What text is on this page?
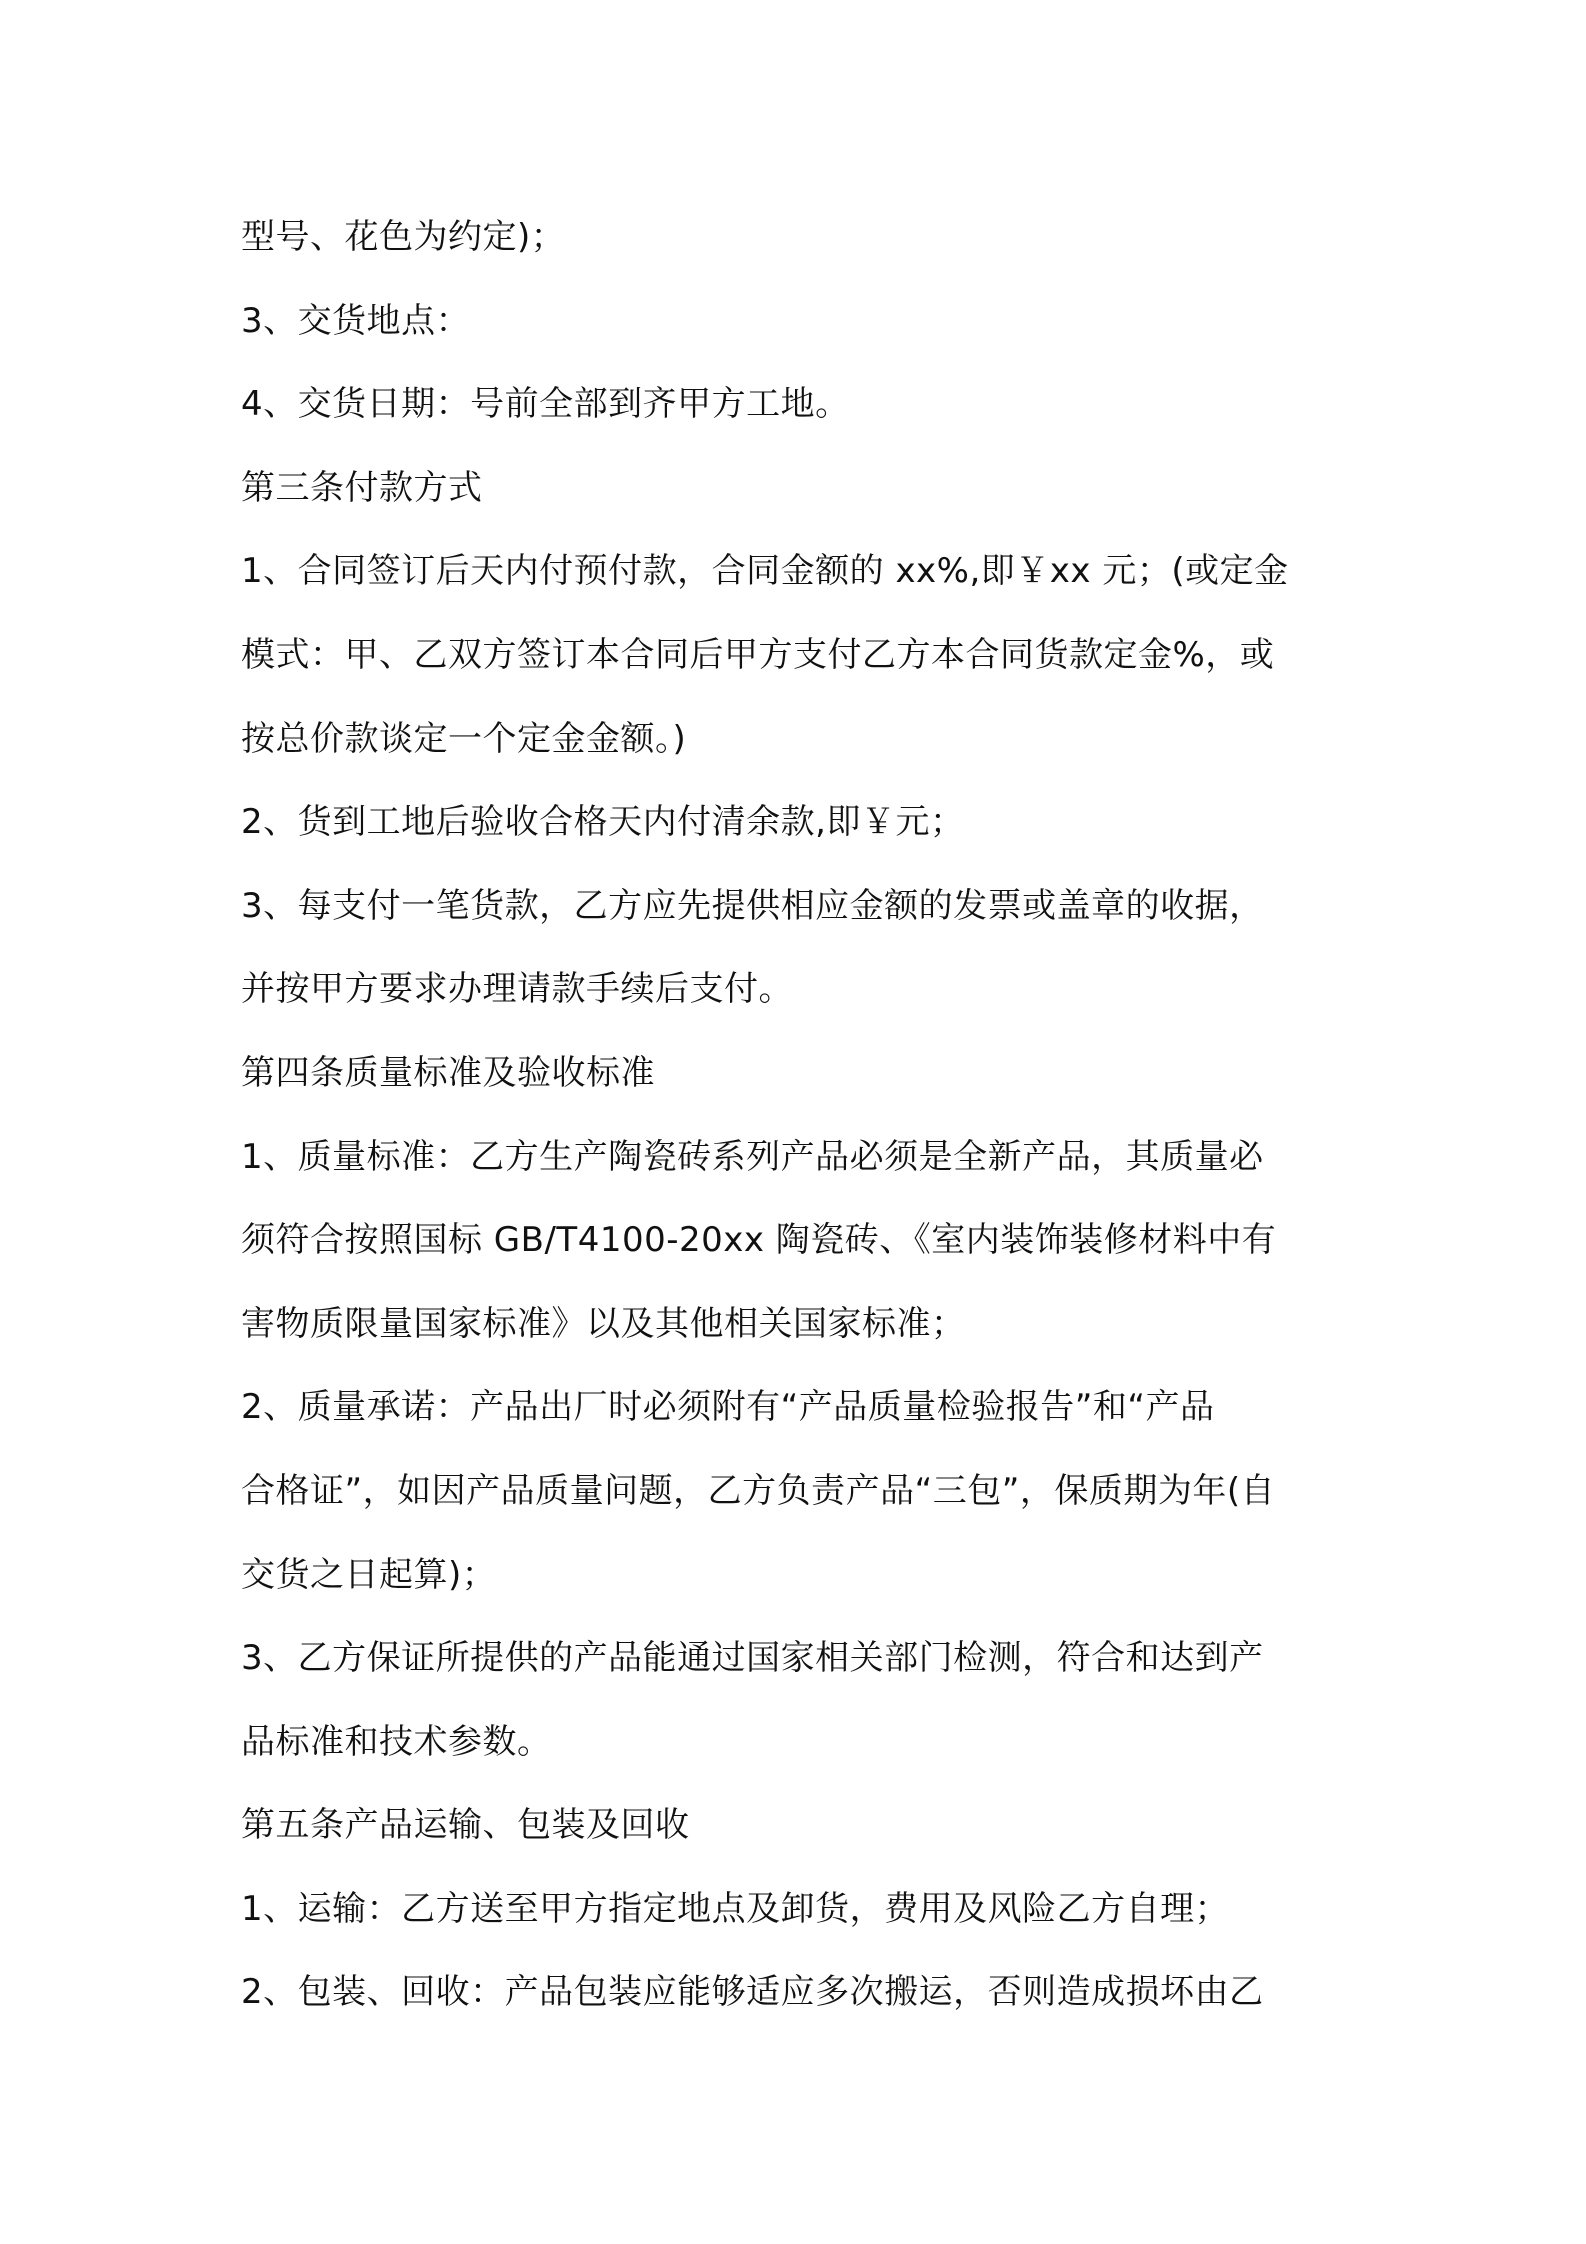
型号、花色为约定)；
3、交货地点：
4、交货日期：号前全部到齐甲方工地。
第三条付款方式
1、合同签订后天内付预付款，合同金额的 xx%,即￥xx 元；(或定金
模式：甲、乙双方签订本合同后甲方支付乙方本合同货款定金%，或
按总价款谈定一个定金金额。)
2、货到工地后验收合格天内付清余款,即￥元；
3、每支付一笔货款，乙方应先提供相应金额的发票或盖章的收据，
并按甲方要求办理请款手续后支付。
第四条质量标准及验收标准
1、质量标准：乙方生产陶瓷砖系列产品必须是全新产品，其质量必
须符合按照国标 GB/T4100-20xx 陶瓷砖、《室内装饰装修材料中有
害物质限量国家标准》以及其他相关国家标准；
2、质量承诺：产品出厂时必须附有“产品质量检验报告”和“产品
合格证”，如因产品质量问题，乙方负责产品“三包”，保质期为年(自
交货之日起算)；
3、乙方保证所提供的产品能通过国家相关部门检测，符合和达到产
品标准和技术参数。
第五条产品运输、包装及回收
1、运输：乙方送至甲方指定地点及卸货，费用及风险乙方自理；
2、包装、回收：产品包装应能够适应多次搬运，否则造成损坏由乙
